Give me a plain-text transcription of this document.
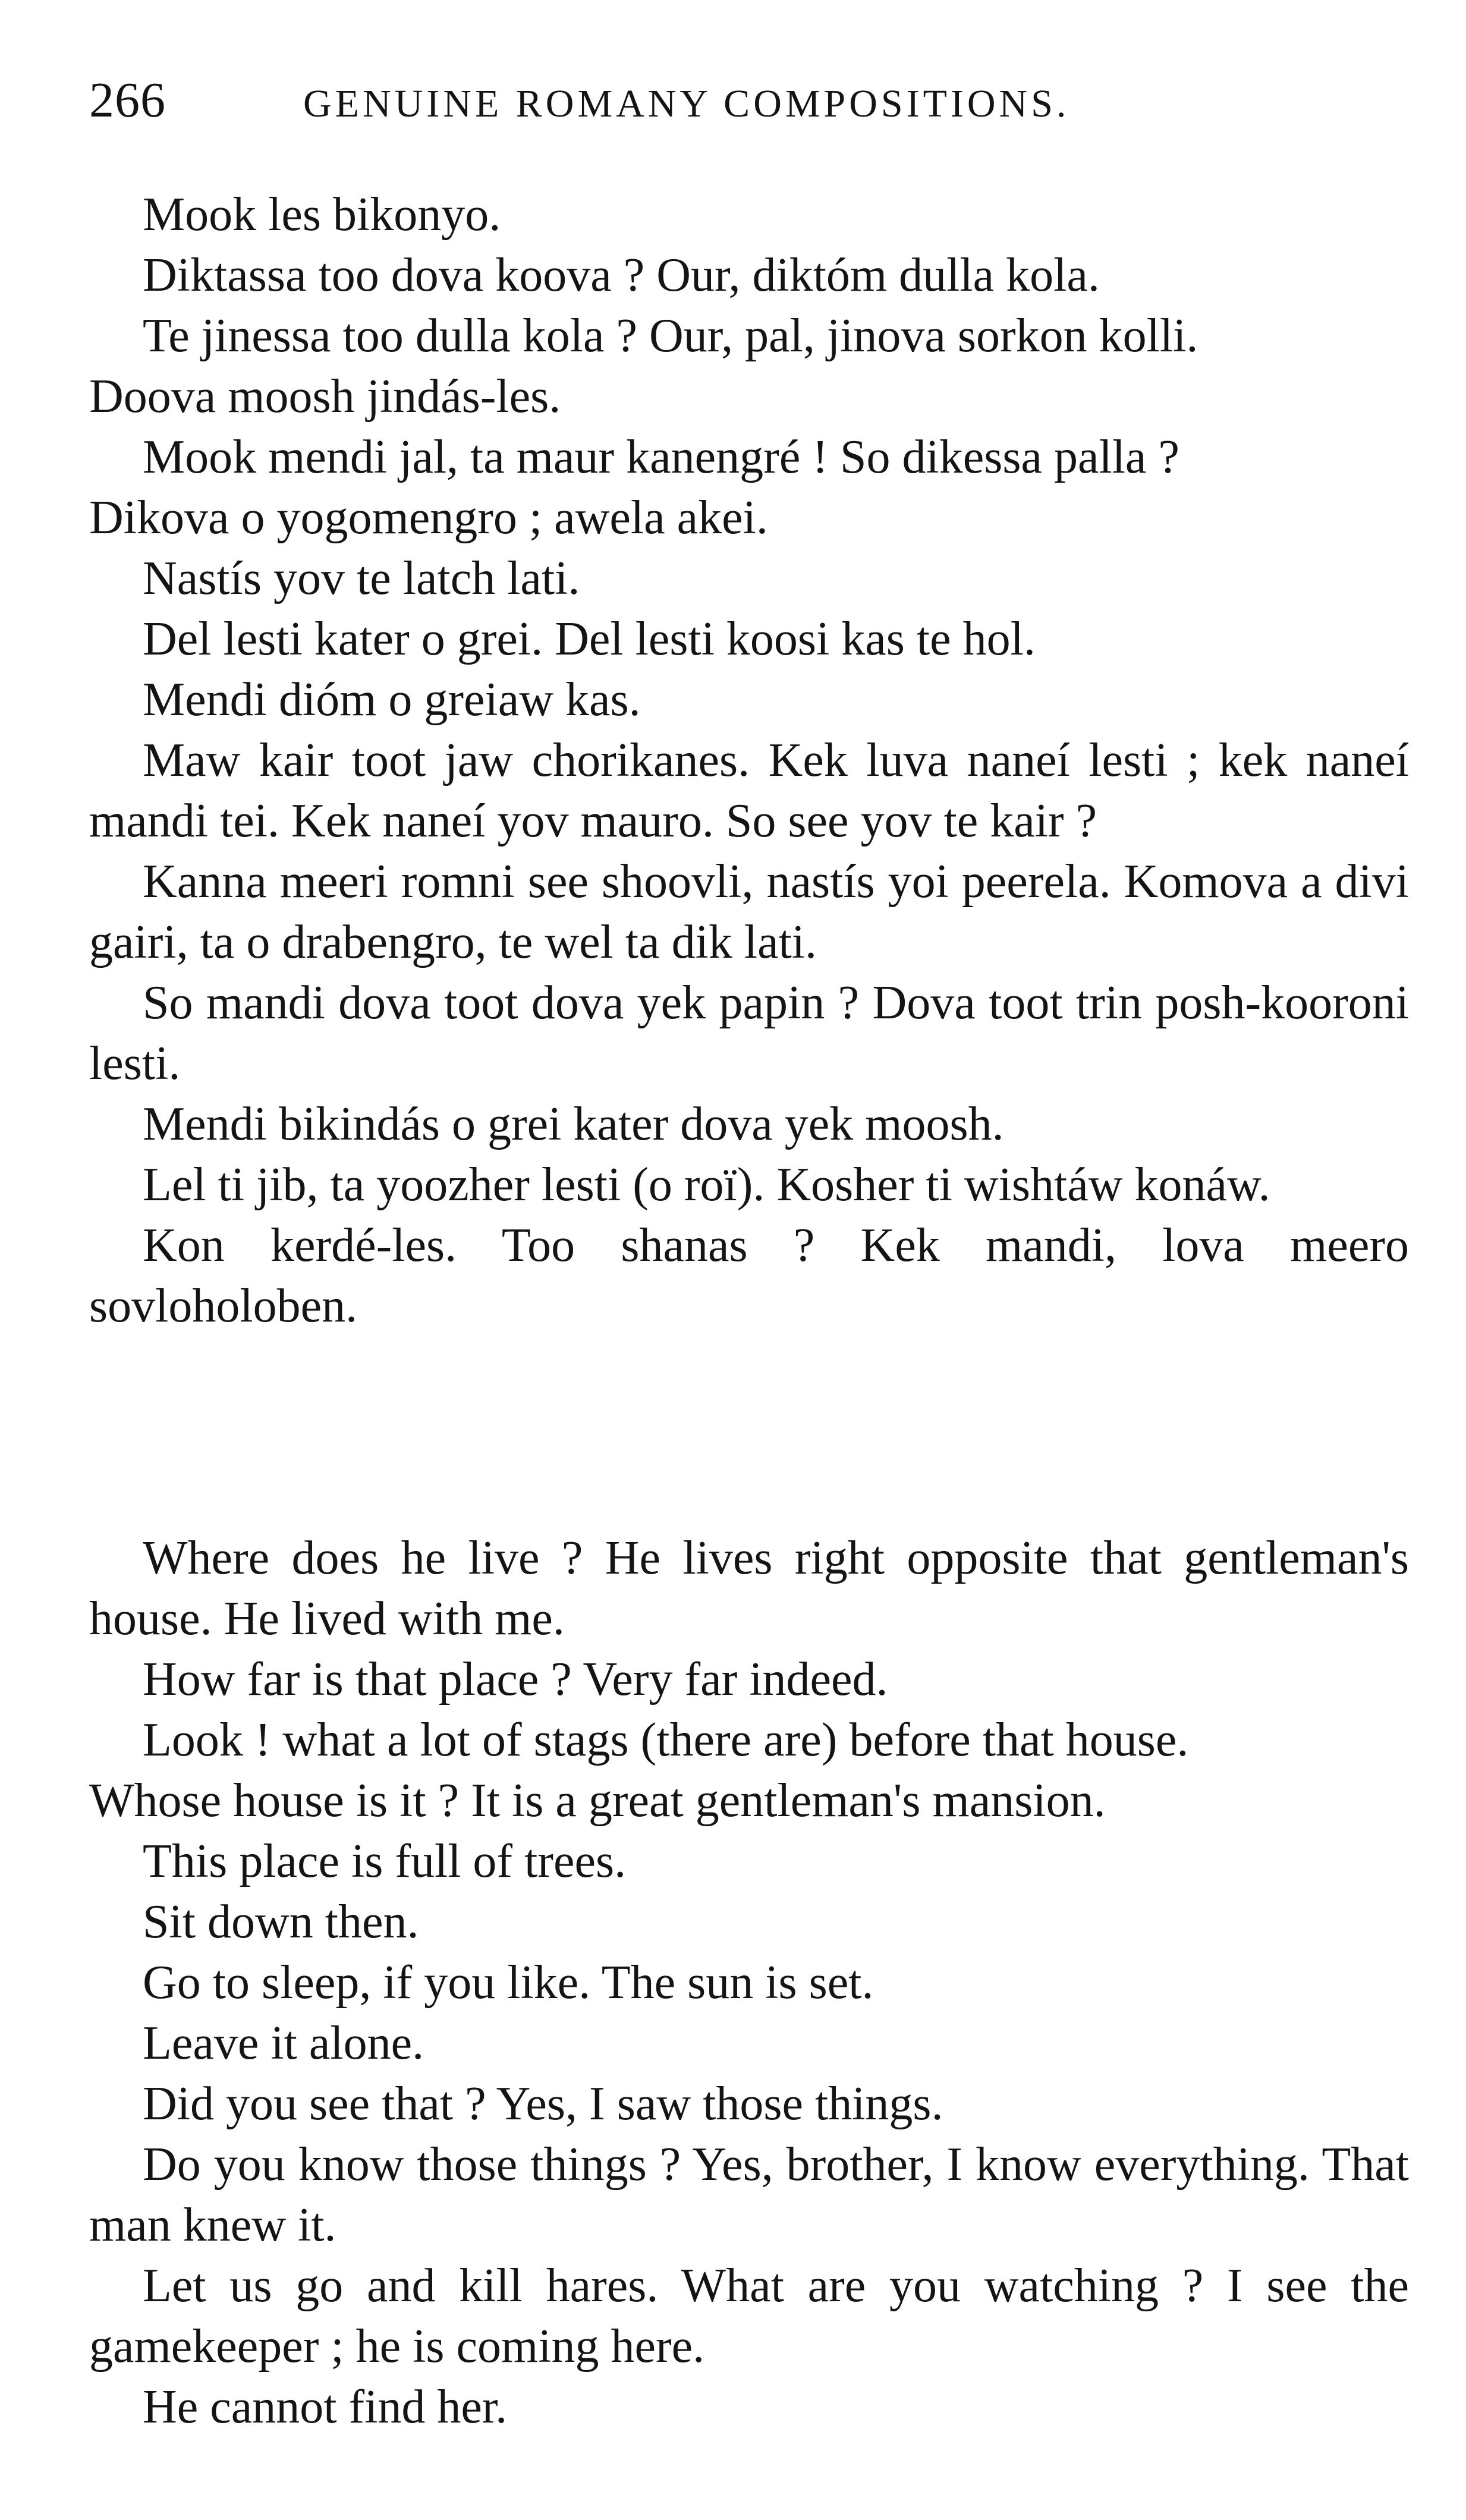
266	GENUINE ROMANY COMPOSITIONS.

Mook les bikonyo.

Diktassa too dova koova ? Our, diktóm dulla kola.

Te jinessa too dulla kola ? Our, pal, jinova sorkon kolli.

Doova moosh jindás-les.

Mook mendi jal, ta maur kanengré ! So dikessa palla ?

Dikova o yogomengro ; awela akei.

Nastís yov te latch lati.

Del lesti kater o grei. Del lesti koosi kas te hol.

Mendi dióm o greiaw kas.

Maw kair toot jaw chorikanes. Kek luva naneí lesti ; kek naneí mandi tei. Kek naneí yov mauro. So see yov te kair ?

Kanna meeri romni see shoovli, nastís yoi peerela. Komova a divi gairi, ta o drabengro, te wel ta dik lati.

So mandi dova toot dova yek papin ? Dova toot trin posh-kooroni lesti.

Mendi bikindás o grei kater dova yek moosh.

Lel ti jib, ta yoozher lesti (o roï). Kosher ti wishtáw konáw.

Kon kerdé-les. Too shanas ? Kek mandi, lova meero sovloholoben.

Where does he live ? He lives right opposite that gentleman's house. He lived with me.

How far is that place ? Very far indeed.

Look ! what a lot of stags (there are) before that house.

Whose house is it ? It is a great gentleman's mansion.

This place is full of trees.

Sit down then.

Go to sleep, if you like. The sun is set.

Leave it alone.

Did you see that ? Yes, I saw those things.

Do you know those things ? Yes, brother, I know everything. That man knew it.

Let us go and kill hares. What are you watching ? I see the gamekeeper ; he is coming here.

He cannot find her.
